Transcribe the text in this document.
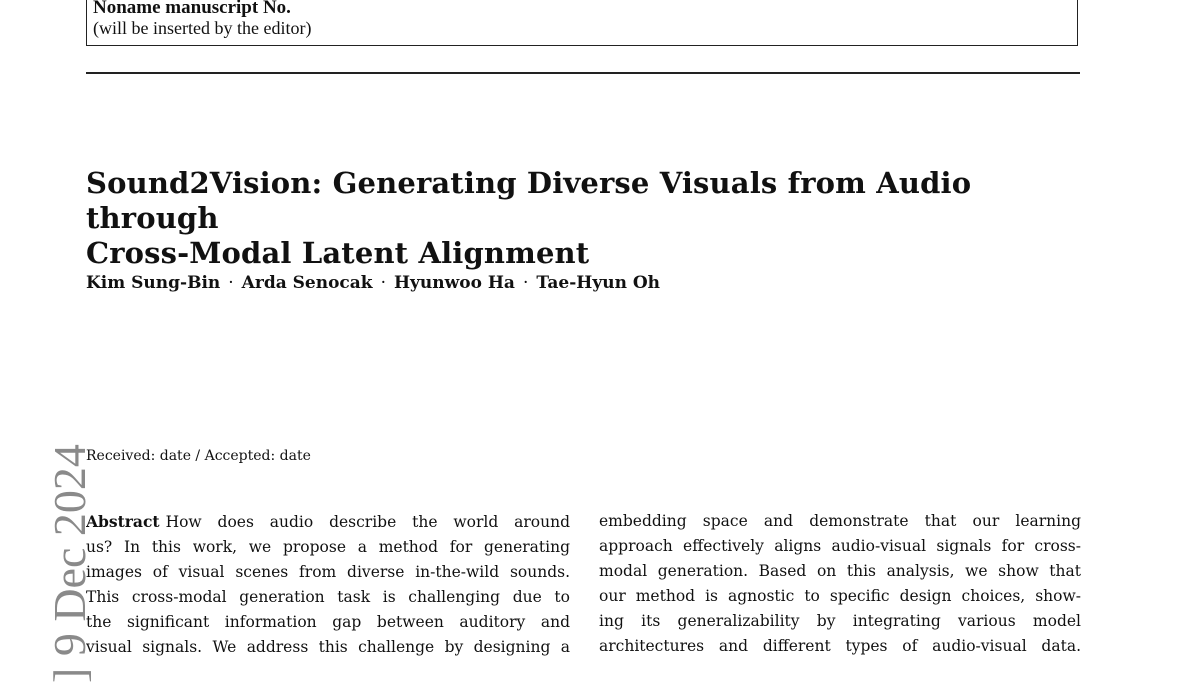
Noname manuscript No.
(will be inserted by the editor)
Sound2Vision: Generating Diverse Visuals from Audio through
Cross-Modal Latent Alignment
Kim Sung-Bin · Arda Senocak · Hyunwoo Ha · Tae-Hyun Oh
Received: date / Accepted: date
Abstract How does audio describe the world around
us? In this work, we propose a method for generating
images of visual scenes from diverse in-the-wild sounds.
This cross-modal generation task is challenging due to
the significant information gap between auditory and
visual signals. We address this challenge by designing a
embedding space and demonstrate that our learning
approach effectively aligns audio-visual signals for cross-
modal generation. Based on this analysis, we show that
our method is agnostic to specific design choices, show-
ing its generalizability by integrating various model
architectures and different types of audio-visual data.
] 9 Dec 2024
